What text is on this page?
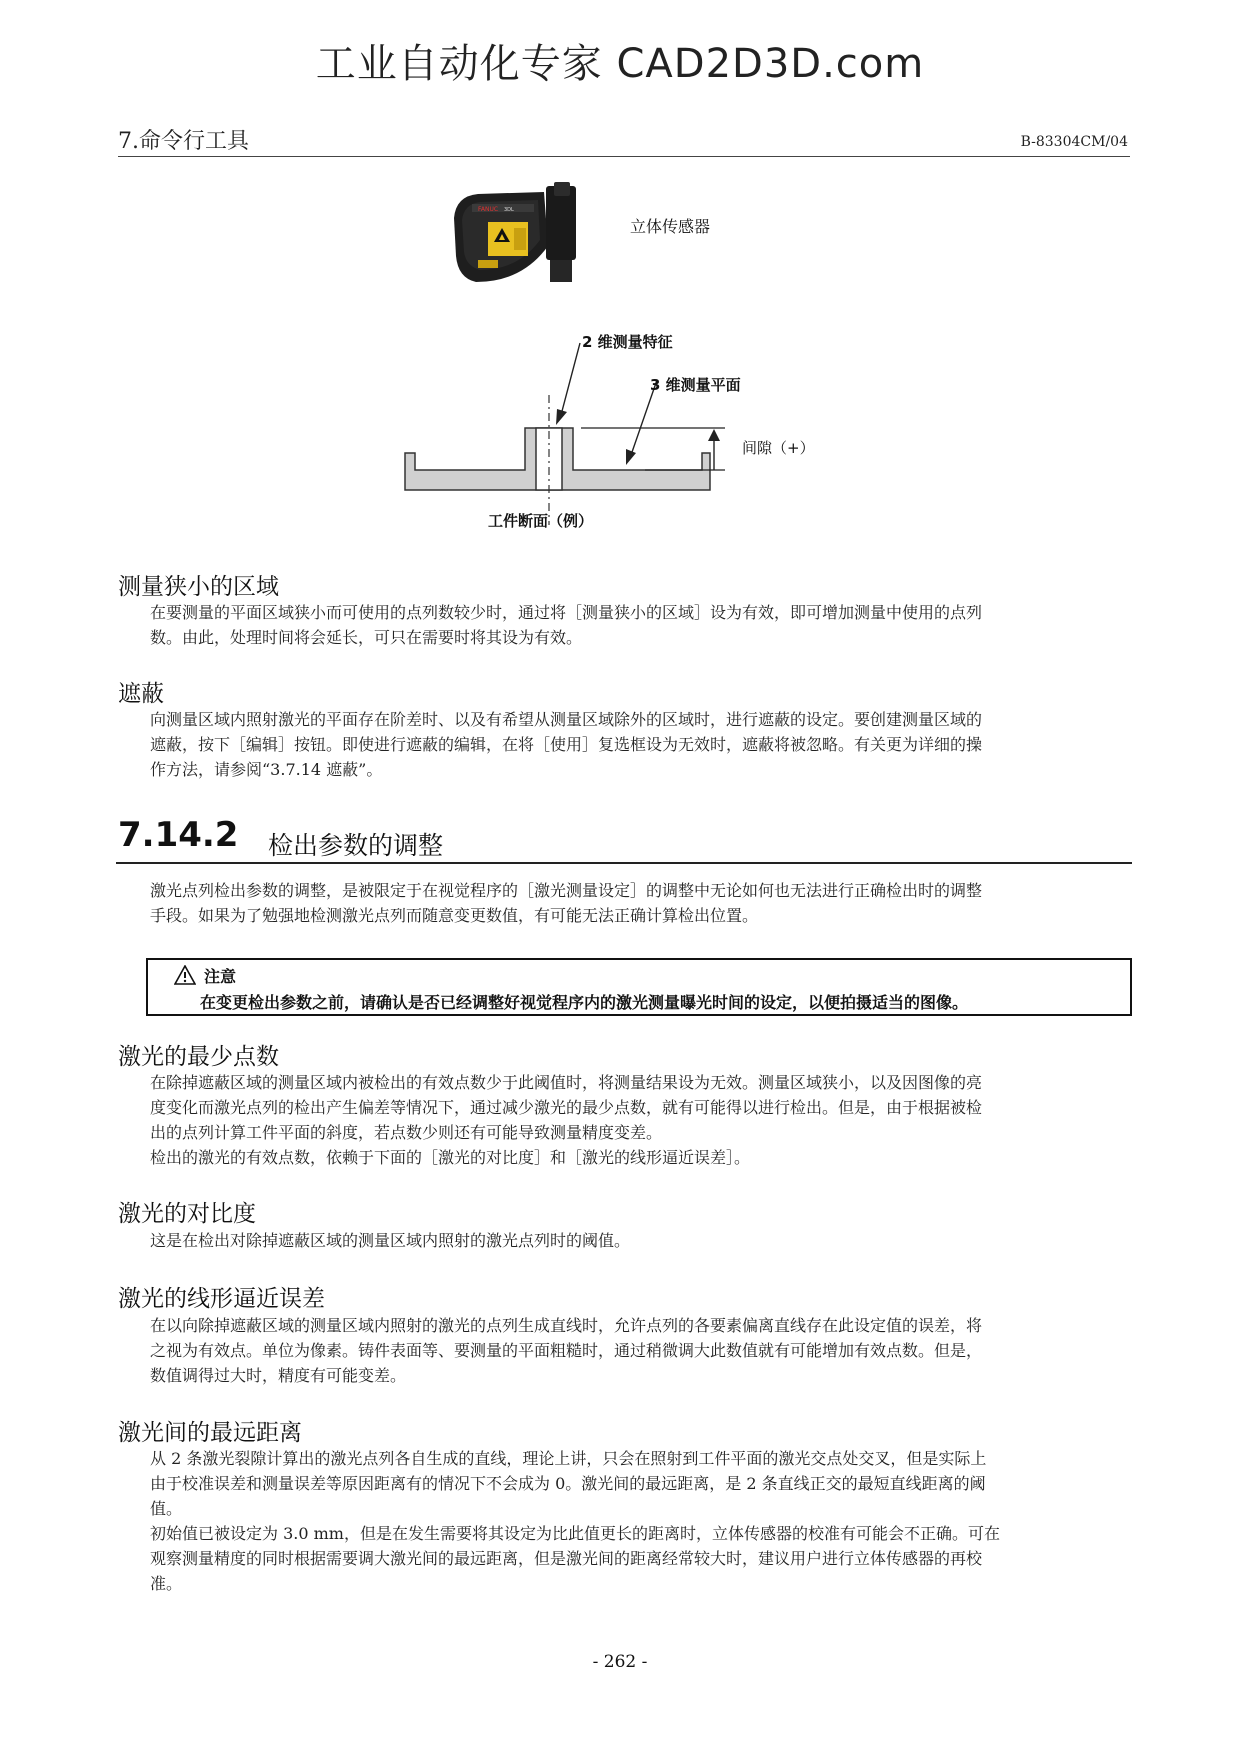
工业自动化专家 CAD2D3D.com
7.命令行工具	B-83304CM/04
FANUC 3DL
立体传感器
2 维测量特征
3 维测量平面
间隙（+）
工件断面（例）
测量狭小的区域
在要测量的平面区域狭小而可使用的点列数较少时，通过将［测量狭小的区域］设为有效，即可增加测量中使用的点列
数。由此，处理时间将会延长，可只在需要时将其设为有效。
遮蔽
向测量区域内照射激光的平面存在阶差时、以及有希望从测量区域除外的区域时，进行遮蔽的设定。要创建测量区域的
遮蔽，按下［编辑］按钮。即使进行遮蔽的编辑，在将［使用］复选框设为无效时，遮蔽将被忽略。有关更为详细的操
作方法，请参阅“3.7.14 遮蔽”。
7.14.2 检出参数的调整
激光点列检出参数的调整，是被限定于在视觉程序的［激光测量设定］的调整中无论如何也无法进行正确检出时的调整
手段。如果为了勉强地检测激光点列而随意变更数值，有可能无法正确计算检出位置。
注意
在变更检出参数之前，请确认是否已经调整好视觉程序内的激光测量曝光时间的设定，以便拍摄适当的图像。
激光的最少点数
在除掉遮蔽区域的测量区域内被检出的有效点数少于此阈值时，将测量结果设为无效。测量区域狭小，以及因图像的亮
度变化而激光点列的检出产生偏差等情况下，通过减少激光的最少点数，就有可能得以进行检出。但是，由于根据被检
出的点列计算工件平面的斜度，若点数少则还有可能导致测量精度变差。
检出的激光的有效点数，依赖于下面的［激光的对比度］和［激光的线形逼近误差］。
激光的对比度
这是在检出对除掉遮蔽区域的测量区域内照射的激光点列时的阈值。
激光的线形逼近误差
在以向除掉遮蔽区域的测量区域内照射的激光的点列生成直线时，允许点列的各要素偏离直线存在此设定值的误差，将
之视为有效点。单位为像素。铸件表面等、要测量的平面粗糙时，通过稍微调大此数值就有可能增加有效点数。但是，
数值调得过大时，精度有可能变差。
激光间的最远距离
从 2 条激光裂隙计算出的激光点列各自生成的直线，理论上讲，只会在照射到工件平面的激光交点处交叉，但是实际上
由于校准误差和测量误差等原因距离有的情况下不会成为 0。激光间的最远距离，是 2 条直线正交的最短直线距离的阈
值。
初始值已被设定为 3.0 mm，但是在发生需要将其设定为比此值更长的距离时，立体传感器的校准有可能会不正确。可在
观察测量精度的同时根据需要调大激光间的最远距离，但是激光间的距离经常较大时，建议用户进行立体传感器的再校
准。
- 262 -
